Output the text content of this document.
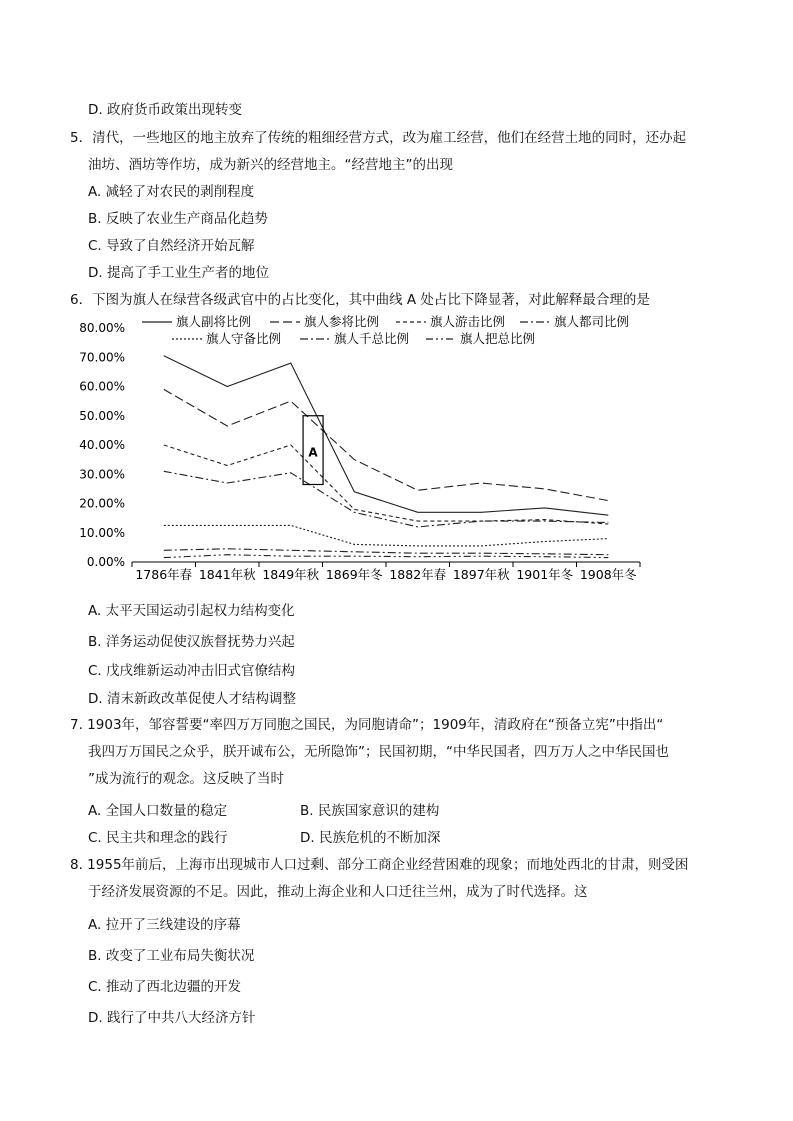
D. 政府货币政策出现转变
5．清代，一些地区的地主放弃了传统的粗细经营方式，改为雇工经营，他们在经营土地的同时，还办起
油坊、酒坊等作坊，成为新兴的经营地主。“经营地主”的出现
A. 减轻了对农民的剥削程度
B. 反映了农业生产商品化趋势
C. 导致了自然经济开始瓦解
D. 提高了手工业生产者的地位
6．下图为旗人在绿营各级武官中的占比变化，其中曲线 A 处占比下降显著，对此解释最合理的是
80.00%
70.00%
60.00%
50.00%
40.00%
30.00%
20.00%
10.00%
0.00%
1786年春 1841年秋 1849年秋 1869年冬 1882年春 1897年秋 1901年冬 1908年冬
旗人副将比例	旗人参将比例	旗人游击比例	旗人都司比例
旗人守备比例	旗人千总比例	旗人把总比例
A
A. 太平天国运动引起权力结构变化
B. 洋务运动促使汉族督抚势力兴起
C. 戊戌维新运动冲击旧式官僚结构
D. 清末新政改革促使人才结构调整
7. 1903年，邹容誓要“率四万万同胞之国民，为同胞请命”；1909年，清政府在“预备立宪”中指出“
我四万万国民之众乎，朕开诚布公，无所隐饰”；民国初期，“中华民国者，四万万人之中华民国也
”成为流行的观念。这反映了当时
A. 全国人口数量的稳定	B. 民族国家意识的建构
C. 民主共和理念的践行	D. 民族危机的不断加深
8. 1955年前后，上海市出现城市人口过剩、部分工商企业经营困难的现象；而地处西北的甘肃，则受困
于经济发展资源的不足。因此，推动上海企业和人口迁往兰州，成为了时代选择。这
A. 拉开了三线建设的序幕
B. 改变了工业布局失衡状况
C. 推动了西北边疆的开发
D. 践行了中共八大经济方针
